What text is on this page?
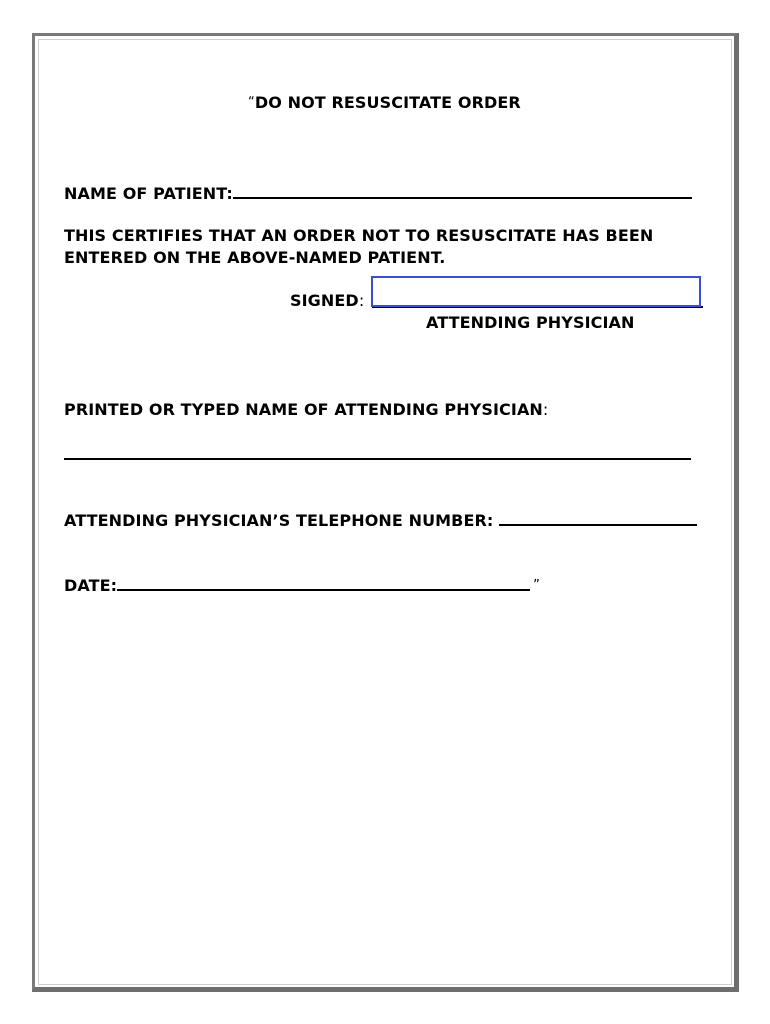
“DO NOT RESUSCITATE ORDER
NAME OF PATIENT:
THIS CERTIFIES THAT AN ORDER NOT TO RESUSCITATE HAS BEEN
ENTERED ON THE ABOVE-NAMED PATIENT.
SIGNED:
ATTENDING PHYSICIAN
PRINTED OR TYPED NAME OF ATTENDING PHYSICIAN:
ATTENDING PHYSICIAN’S TELEPHONE NUMBER:
DATE:	”
